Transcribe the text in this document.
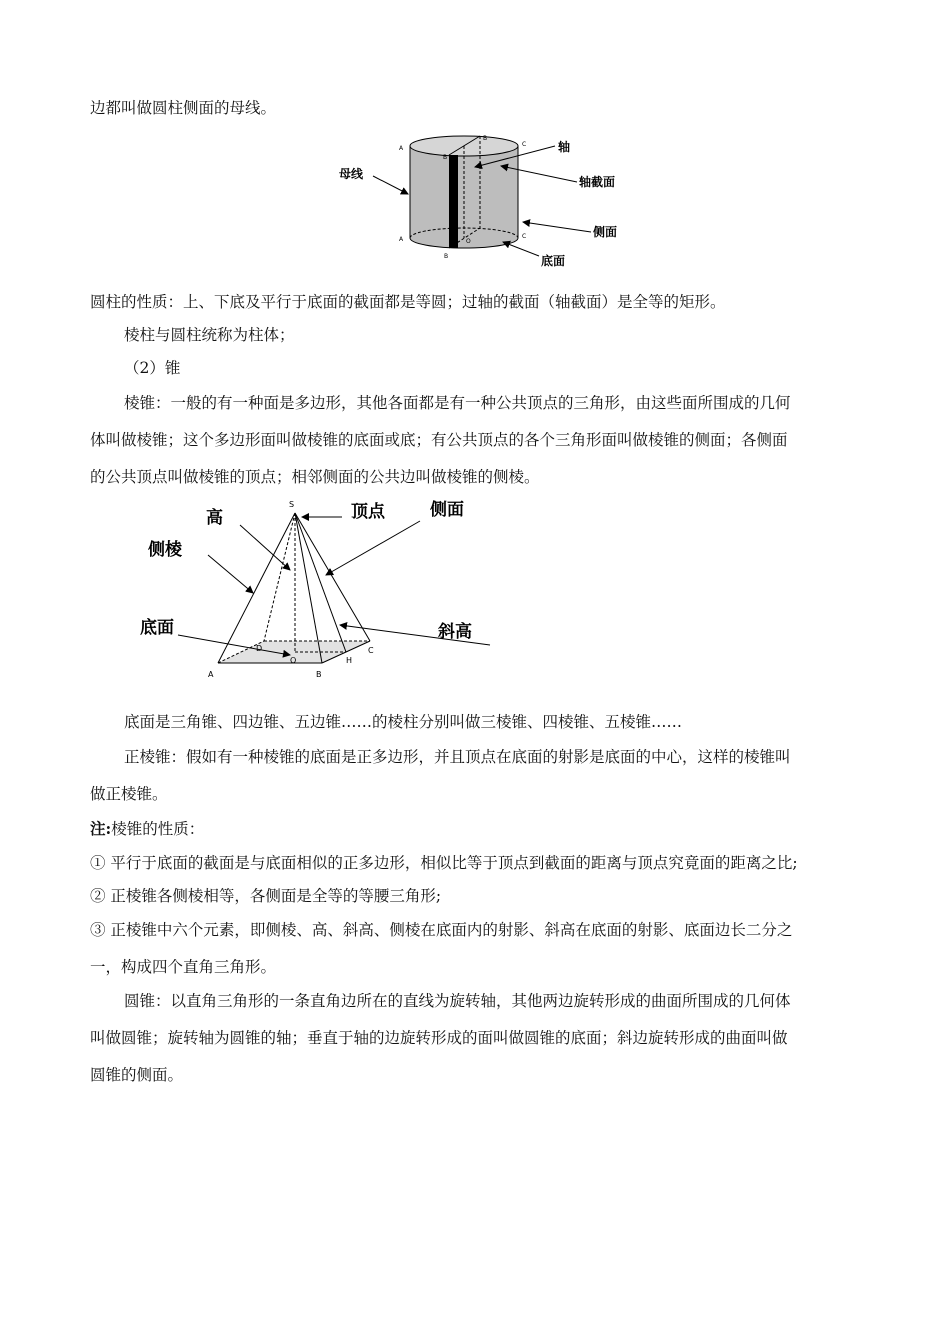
边都叫做圆柱侧面的母线。
母线
轴
轴截面
侧面
底面
A
A
C
C
B
O
B
B
圆柱的性质：上、下底及平行于底面的截面都是等圆；过轴的截面（轴截面）是全等的矩形。
棱柱与圆柱统称为柱体；
（2）锥
棱锥：一般的有一种面是多边形，其他各面都是有一种公共顶点的三角形，由这些面所围成的几何
体叫做棱锥；这个多边形面叫做棱锥的底面或底；有公共顶点的各个三角形面叫做棱锥的侧面；各侧面
的公共顶点叫做棱锥的顶点；相邻侧面的公共边叫做棱锥的侧棱。
高	顶点	侧面
侧棱
底面	斜高
S
A	B
C
D
O	H
底面是三角锥、四边锥、五边锥……的棱柱分别叫做三棱锥、四棱锥、五棱锥……
正棱锥：假如有一种棱锥的底面是正多边形，并且顶点在底面的射影是底面的中心，这样的棱锥叫
做正棱锥。
注:棱锥的性质：
① 平行于底面的截面是与底面相似的正多边形，相似比等于顶点到截面的距离与顶点究竟面的距离之比;
② 正棱锥各侧棱相等，各侧面是全等的等腰三角形;
③ 正棱锥中六个元素，即侧棱、高、斜高、侧棱在底面内的射影、斜高在底面的射影、底面边长二分之
一，构成四个直角三角形。
圆锥：以直角三角形的一条直角边所在的直线为旋转轴，其他两边旋转形成的曲面所围成的几何体
叫做圆锥；旋转轴为圆锥的轴；垂直于轴的边旋转形成的面叫做圆锥的底面；斜边旋转形成的曲面叫做
圆锥的侧面。
